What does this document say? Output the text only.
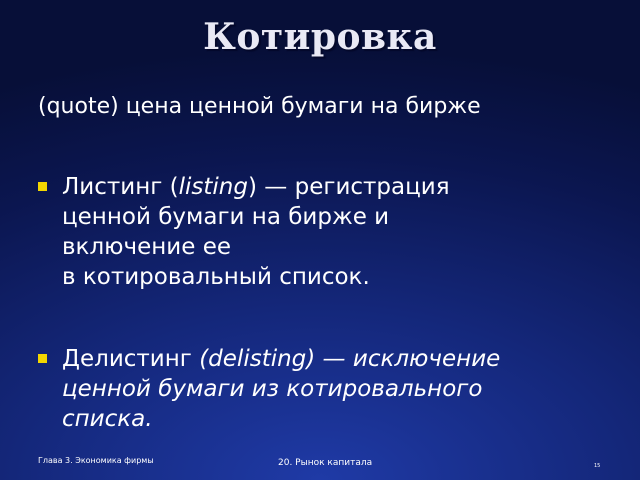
Котировка
(quote) цена ценной бумаги на бирже
Листинг (listing) — регистрация
ценной бумаги на бирже и
включение ее
в котировальный список.
Делистинг (delisting) — исключение
ценной бумаги из котировального
списка.
Глава 3. Экономика фирмы	20. Рынок капитала	15
